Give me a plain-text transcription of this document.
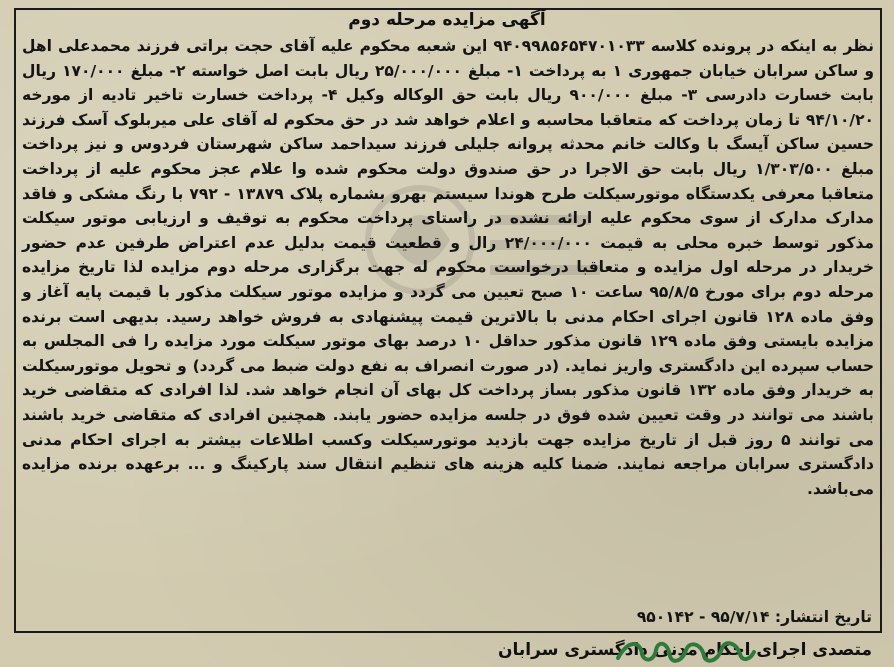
آگهی مزایده مرحله دوم
نظر به اینکه در پرونده کلاسه ۹۴۰۹۹۸۵۶۵۴۷۰۱۰۳۳ این شعبه محکوم علیه آقای حجت براتی فرزند محمدعلی اهل و ساکن سرابان خیابان جمهوری ۱ به پرداخت ۱- مبلغ ۲۵/۰۰۰/۰۰۰ ریال بابت اصل خواسته ۲- مبلغ ۱۷۰/۰۰۰ ریال بابت خسارت دادرسی ۳- مبلغ ۹۰۰/۰۰۰ ریال بابت حق الوکاله وکیل ۴- پرداخت خسارت تاخیر تادیه از مورخه ۹۴/۱۰/۲۰ تا زمان پرداخت که متعاقبا محاسبه و اعلام خواهد شد در حق محکوم له آقای علی میربلوک آسک فرزند حسین ساکن آیسگ با وکالت خانم محدثه پروانه جلیلی فرزند سیداحمد ساکن شهرستان فردوس و نیز پرداخت مبلغ ۱/۳۰۳/۵۰۰ ریال بابت حق الاجرا در حق صندوق دولت محکوم شده وا علام عجز محکوم علیه از پرداخت متعاقبا معرفی یکدستگاه موتورسیکلت طرح هوندا سیستم بهرو بشماره پلاک ۱۳۸۷۹ - ۷۹۲ با رنگ مشکی و فاقد مدارک مدارک از سوی محکوم علیه ارائه نشده در راستای پرداخت محکوم به توقیف و ارزیابی موتور سیکلت مذکور توسط خبره محلی به قیمت ۲۴/۰۰۰/۰۰۰ رال و قطعیت قیمت بدلیل عدم اعتراض طرفین عدم حضور خریدار در مرحله اول مزایده و متعاقبا درخواست محکوم له جهت برگزاری مرحله دوم مزایده لذا تاریخ مزایده مرحله دوم برای مورخ ۹۵/۸/۵ ساعت ۱۰ صبح تعیین می گردد و مزایده موتور سیکلت مذکور با قیمت پایه آغاز و وفق ماده ۱۲۸ قانون اجرای احکام مدنی با بالاترین قیمت پیشنهادی به فروش خواهد رسید. بدیهی است برنده مزایده بایستی وفق ماده ۱۲۹ قانون مذکور حداقل ۱۰ درصد بهای موتور سیکلت مورد مزایده را فی المجلس به حساب سپرده این دادگستری واریز نماید. (در صورت انصراف به نفع دولت ضبط می گردد) و تحویل موتورسیکلت به خریدار وفق ماده ۱۳۲ قانون مذکور بساز پرداخت کل بهای آن انجام خواهد شد. لذا افرادی که متقاضی خرید باشند می توانند در وقت تعیین شده فوق در جلسه مزایده حضور یابند. همچنین افرادی که متقاضی خرید باشند می توانند ۵ روز قبل از تاریخ مزایده جهت بازدید موتورسیکلت وکسب اطلاعات بیشتر به اجرای احکام مدنی دادگستری سرابان مراجعه نمایند. ضمنا کلیه هزینه های تنظیم انتقال سند پارکینگ و ... برعهده برنده مزایده می‌باشد.
تاریخ انتشار: ۹۵/۷/۱۴ - ۹۵۰۱۴۲
متصدی اجرای احکام مدنی دادگستری سرابان
